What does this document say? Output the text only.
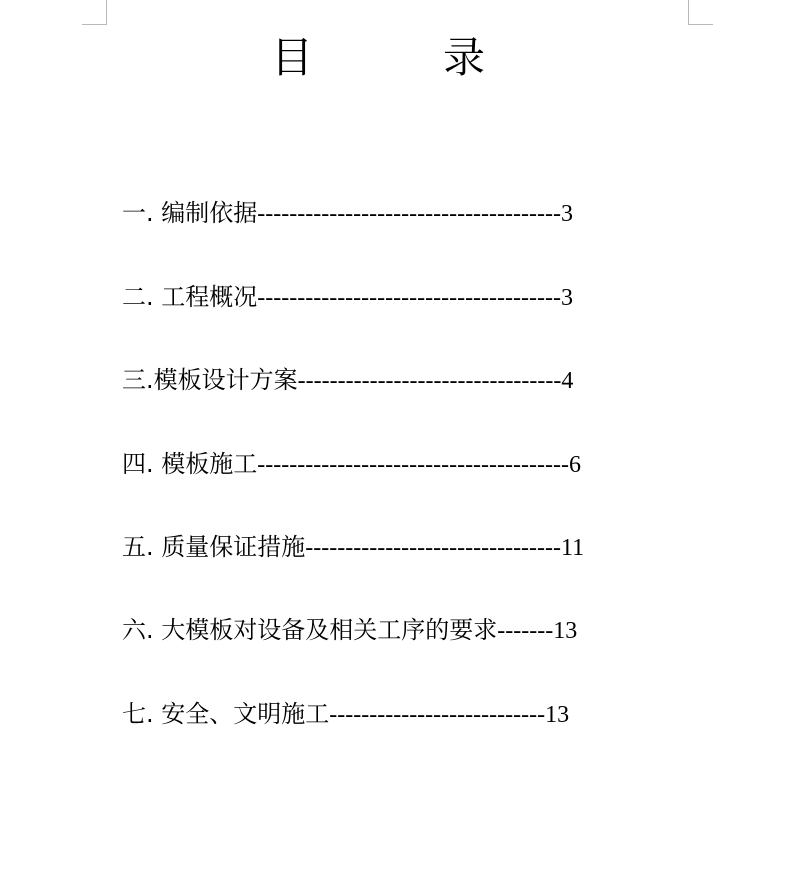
目　录
一. 编制依据 -------------------------------------- 3
二. 工程概况 -------------------------------------- 3
三.模板设计方案 --------------------------------- 4
四. 模板施工 --------------------------------------- 6
五. 质量保证措施 -------------------------------- 11
六. 大模板对设备及相关工序的要求 ------- 13
七. 安全、文明施工 --------------------------- 13
